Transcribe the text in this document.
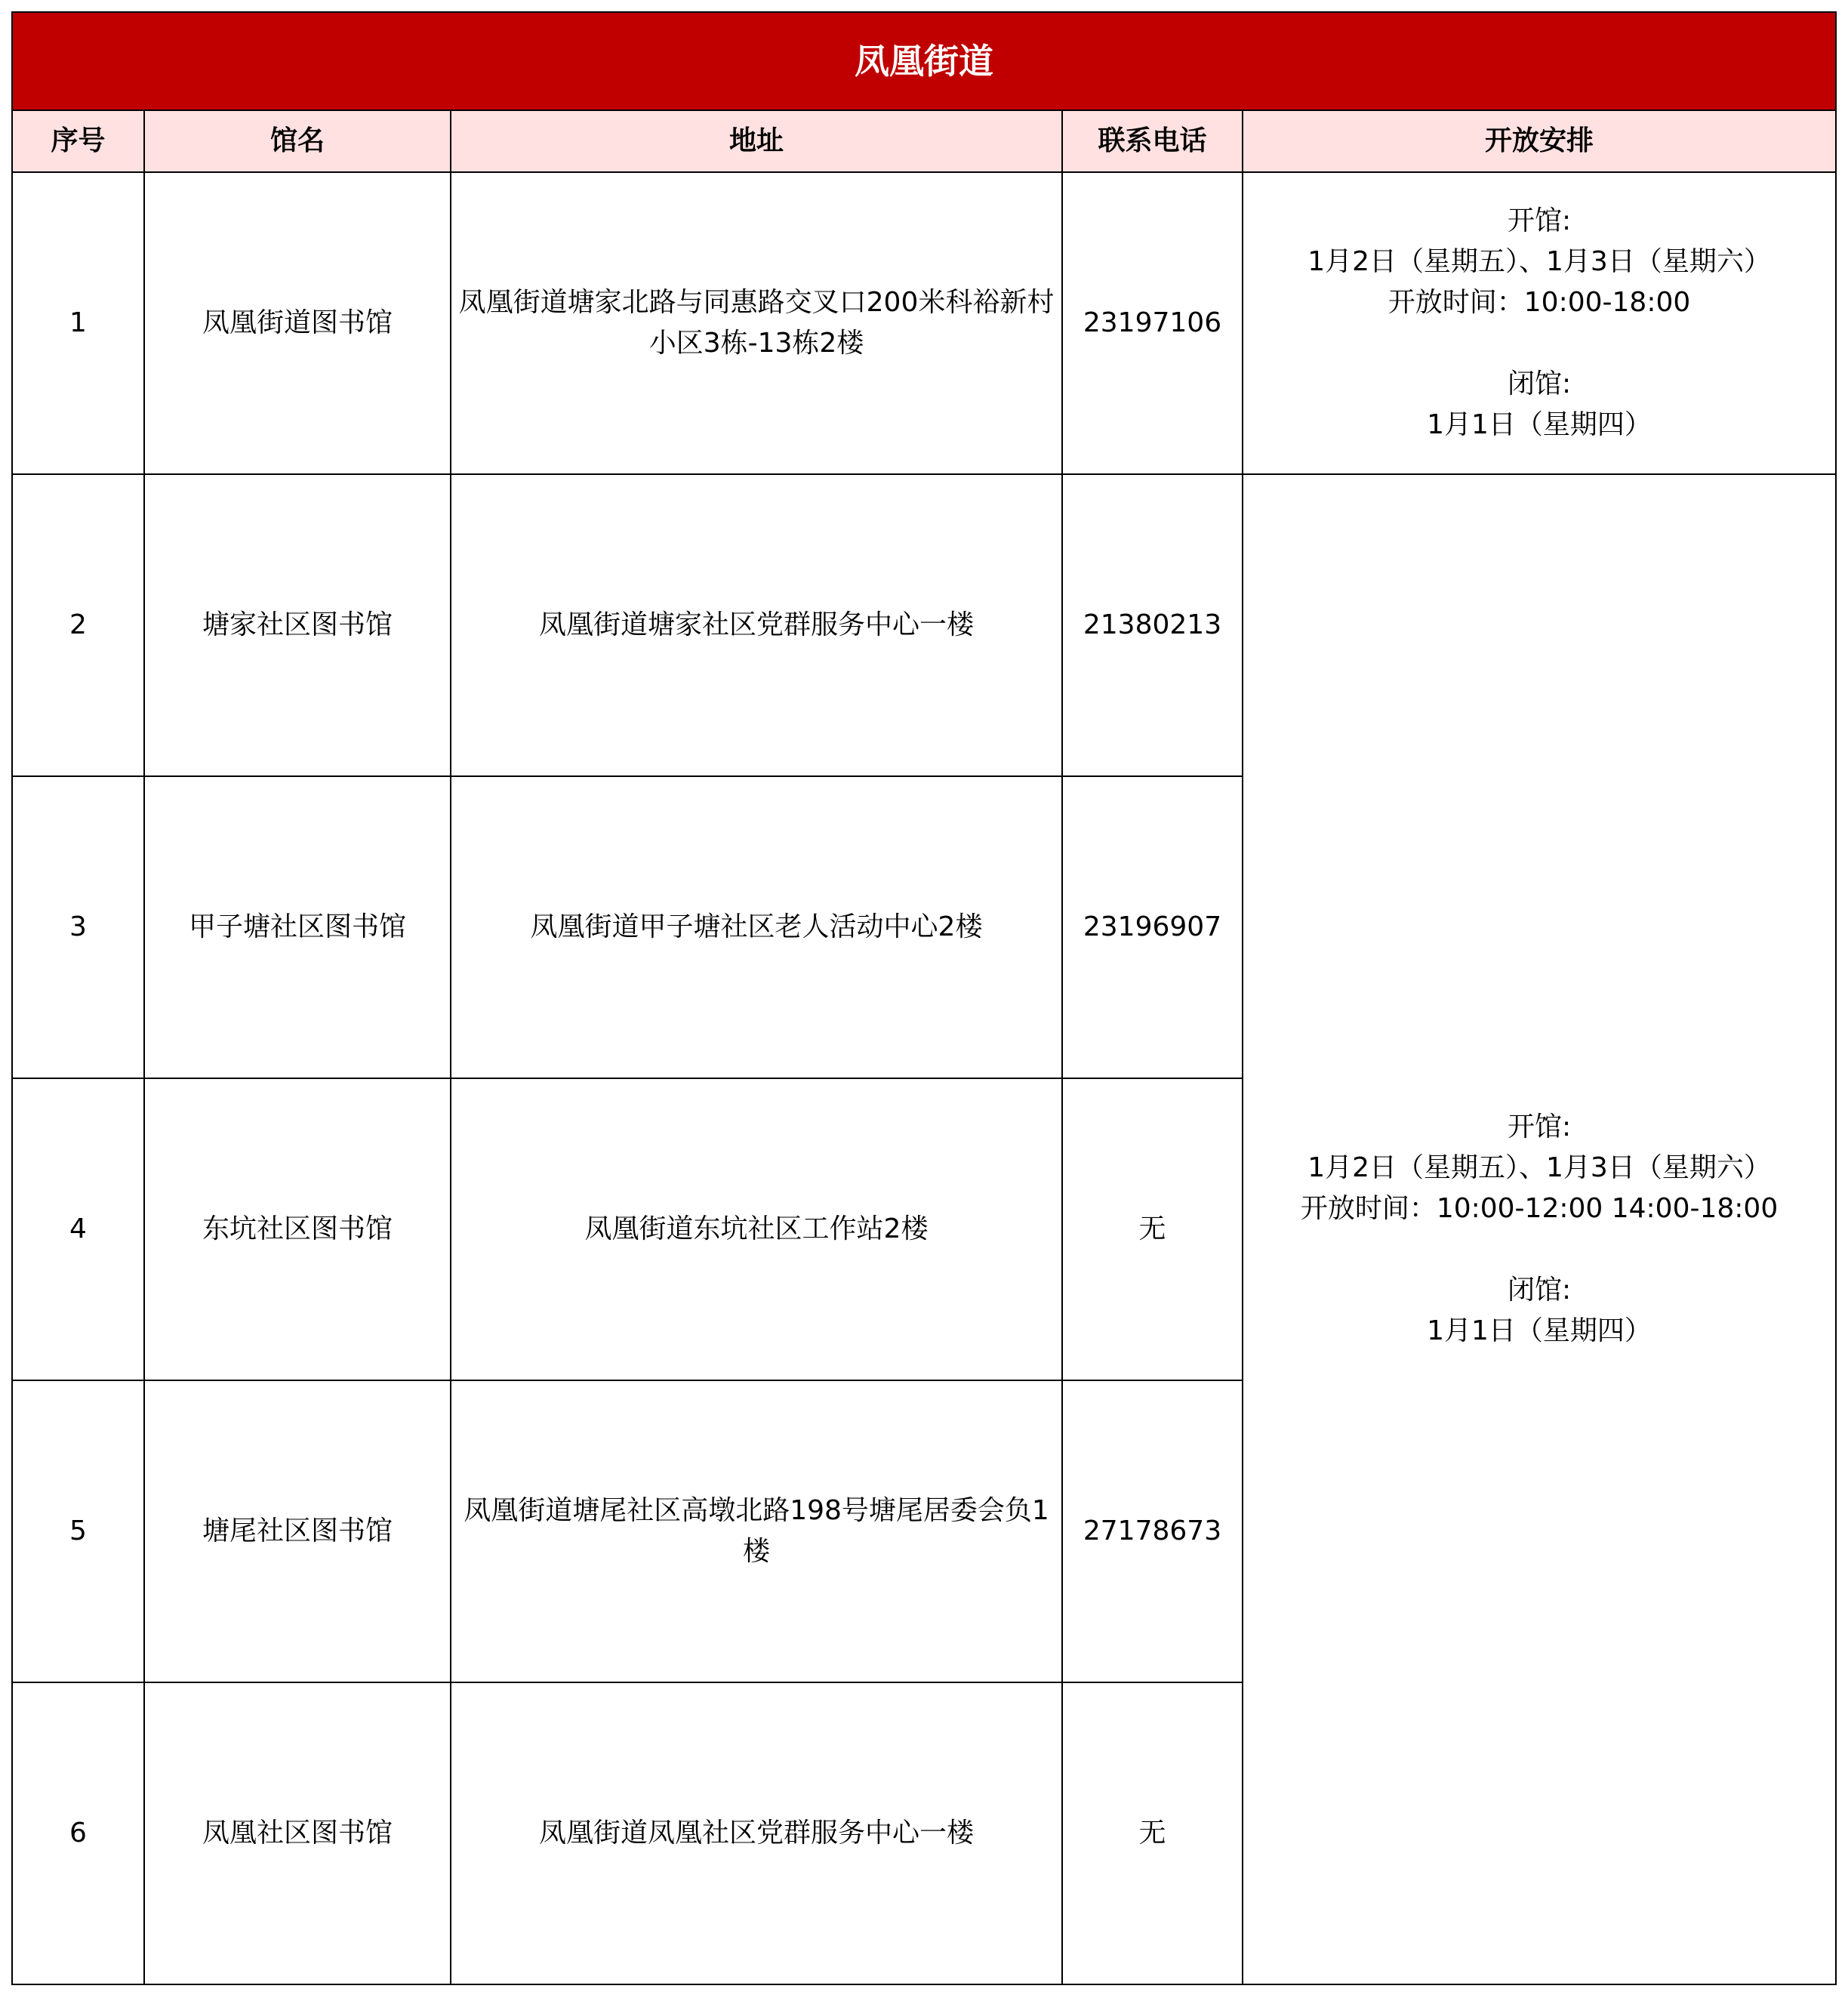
凤凰街道				
序号	馆名	地址	联系电话	开放安排
1	凤凰街道图书馆	凤凰街道塘家北路与同惠路交叉口200米科裕新村小区3栋-13栋2楼	23197106	开馆:
1月2日（星期五）、1月3日（星期六）
开放时间：10:00-18:00
闭馆:
1月1日（星期四）

2	塘家社区图书馆	凤凰街道塘家社区党群服务中心一楼	21380213	开馆:
1月2日（星期五）、1月3日（星期六）
开放时间：10:00-12:00 14:00-18:00
闭馆:
1月1日（星期四）

3	甲子塘社区图书馆	凤凰街道甲子塘社区老人活动中心2楼	23196907	
4	东坑社区图书馆	凤凰街道东坑社区工作站2楼	无	
5	塘尾社区图书馆	凤凰街道塘尾社区高墩北路198号塘尾居委会负1楼	27178673	
6	凤凰社区图书馆	凤凰街道凤凰社区党群服务中心一楼	无	
